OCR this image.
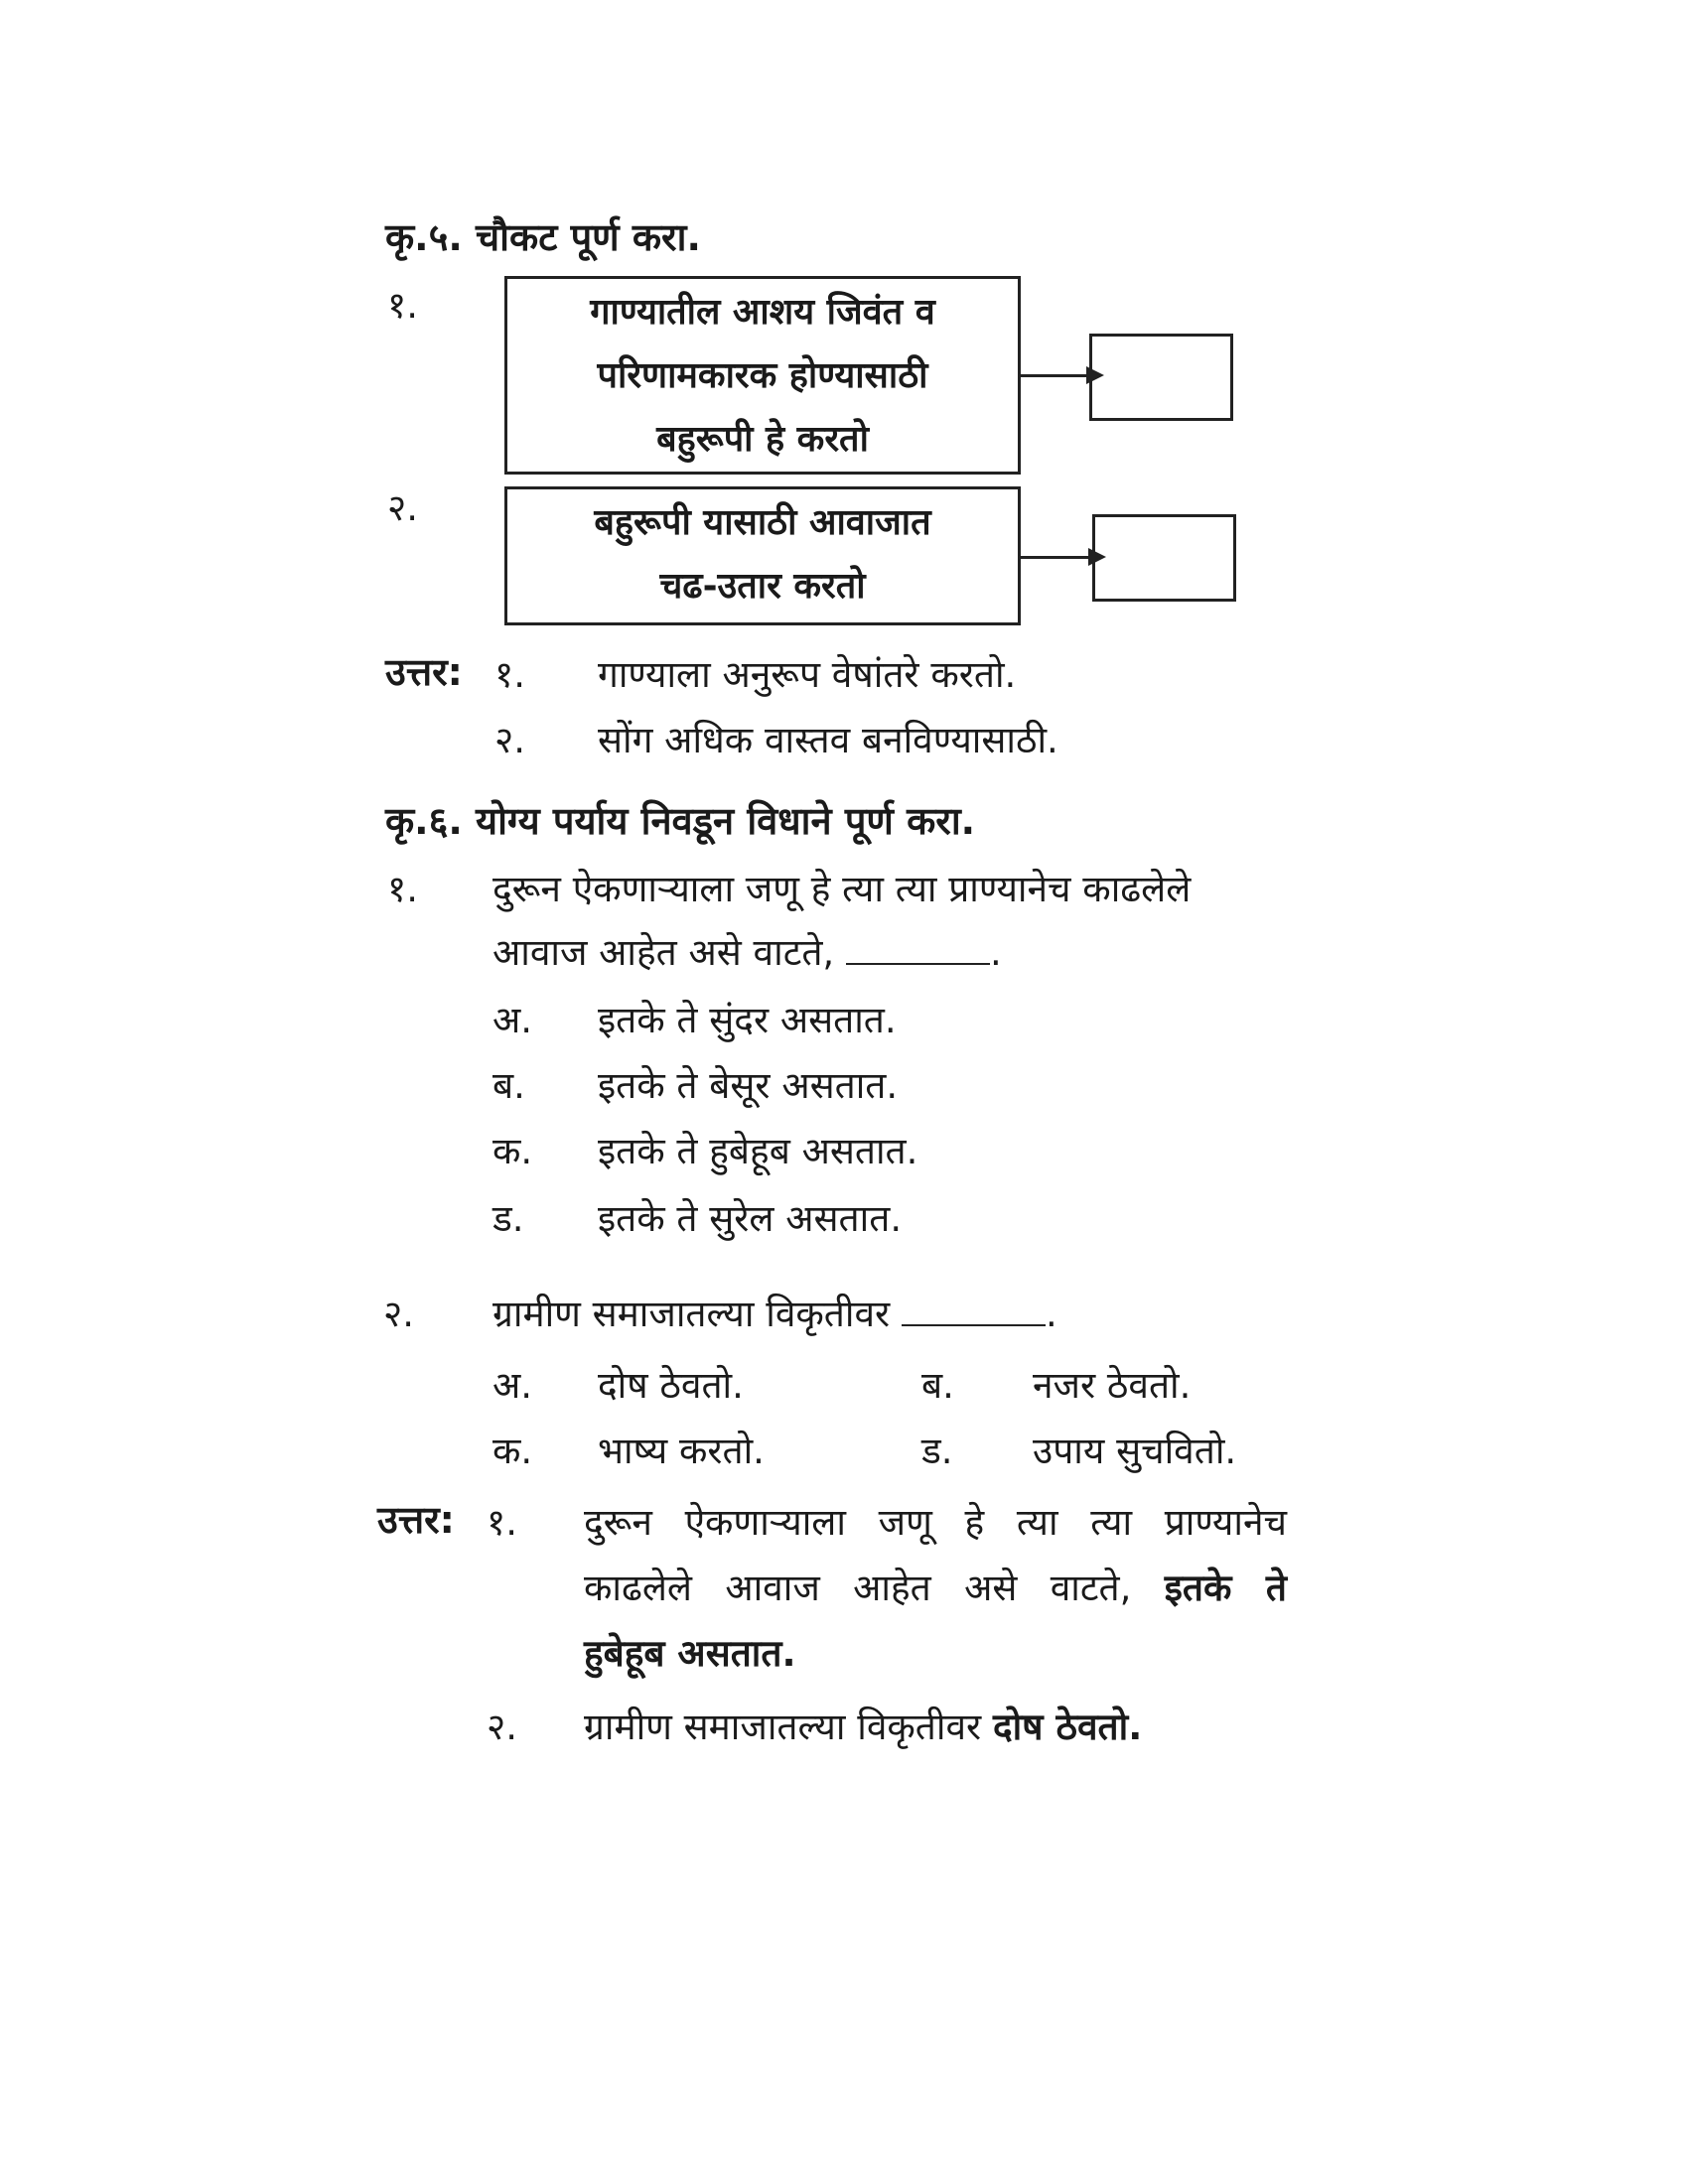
कृ.५. चौकट पूर्ण करा.
१.	गाण्यातील आशय जिवंत व
परिणामकारक होण्यासाठी
बहुरूपी हे करतो
२.	बहुरूपी यासाठी आवाजात
चढ-उतार करतो
उत्तर: १. गाण्याला अनुरूप वेषांतरे करतो.
२. सोंग अधिक वास्तव बनविण्यासाठी.
कृ.६. योग्य पर्याय निवडून विधाने पूर्ण करा.
१. दुरून ऐकणाऱ्याला जणू हे त्या त्या प्राण्यानेच काढलेले
आवाज आहेत असे वाटते,	.
अ. इतके ते सुंदर असतात.
ब. इतके ते बेसूर असतात.
क. इतके ते हुबेहूब असतात.
ड. इतके ते सुरेल असतात.
२. ग्रामीण समाजातल्या विकृतीवर	.
अ. दोष ठेवतो.	ब. नजर ठेवतो.
क. भाष्य करतो.	ड. उपाय सुचवितो.
उत्तर: १. दुरून ऐकणाऱ्याला जणू हे त्या त्या प्राण्यानेच
काढलेले आवाज आहेत असे वाटते, इतके ते
हुबेहूब असतात.
२. ग्रामीण समाजातल्या विकृतीवर दोष ठेवतो.
